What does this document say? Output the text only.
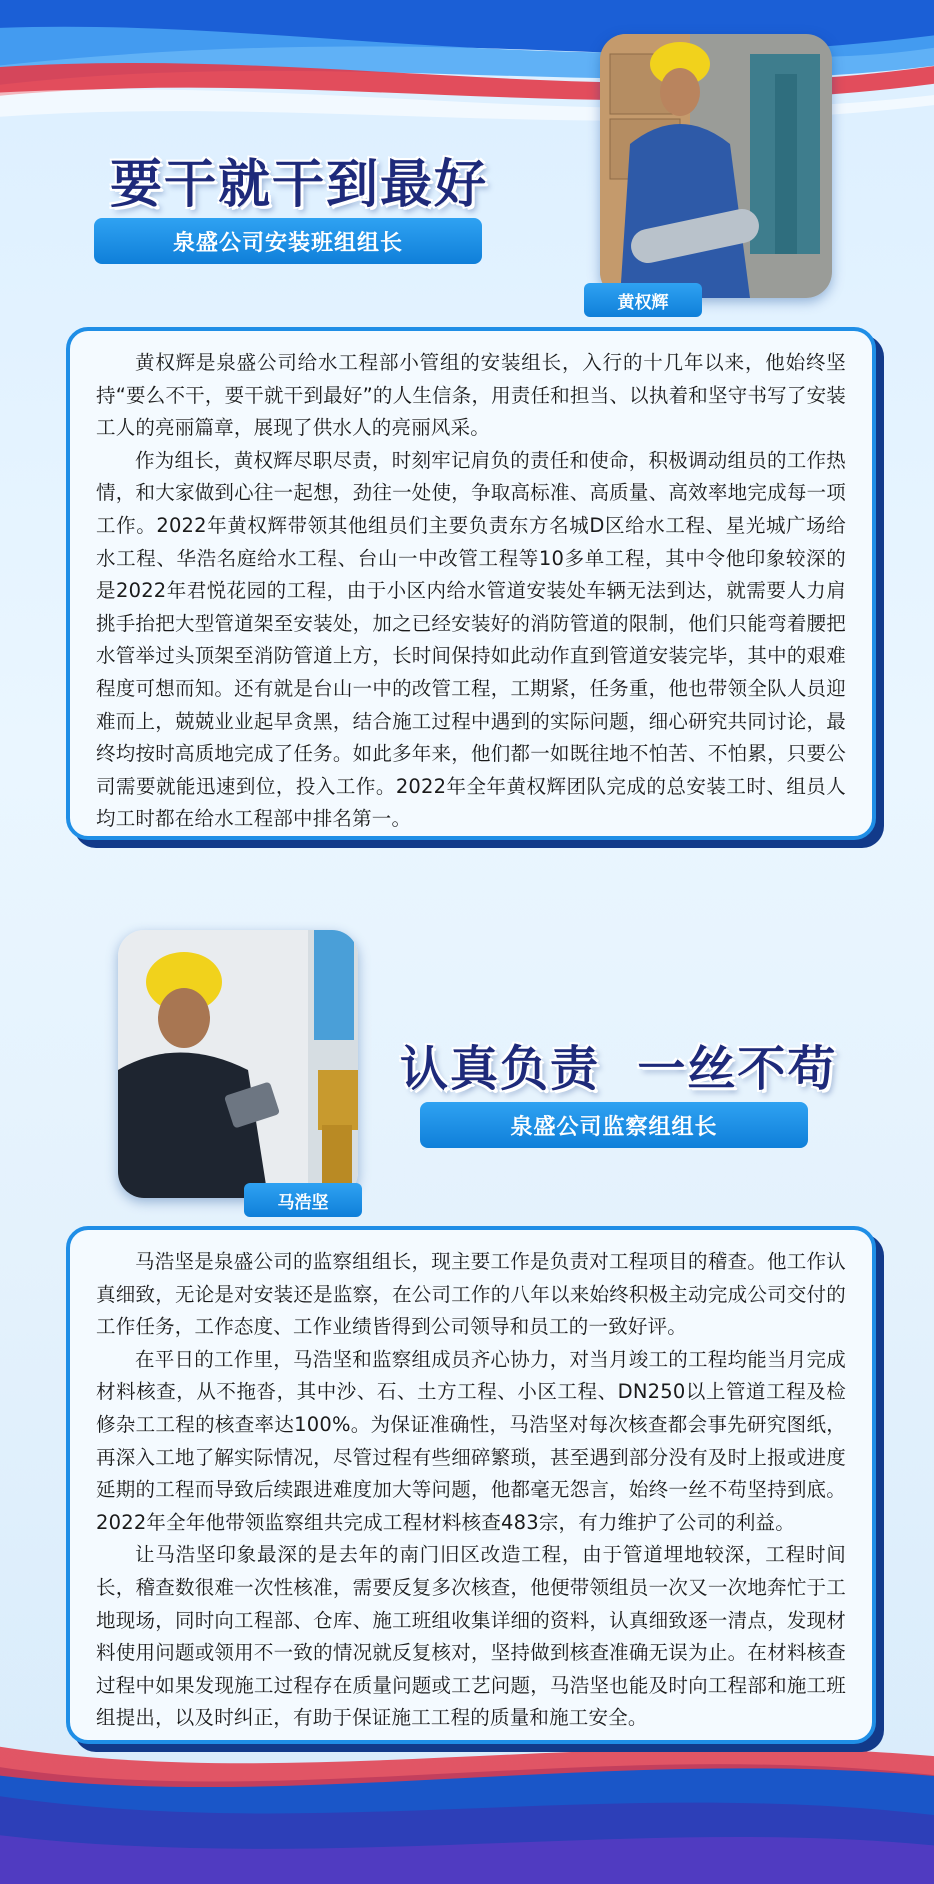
要干就干到最好
泉盛公司安装班组组长
黄权辉

黄权辉是泉盛公司给水工程部小管组的安装组长，入行的十几年以来，他始终坚持“要么不干，要干就干到最好”的人生信条，用责任和担当、以执着和坚守书写了安装工人的亮丽篇章，展现了供水人的亮丽风采。

作为组长，黄权辉尽职尽责，时刻牢记肩负的责任和使命，积极调动组员的工作热情，和大家做到心往一起想，劲往一处使，争取高标准、高质量、高效率地完成每一项工作。2022年黄权辉带领其他组员们主要负责东方名城D区给水工程、星光城广场给水工程、华浩名庭给水工程、台山一中改管工程等10多单工程，其中令他印象较深的是2022年君悦花园的工程，由于小区内给水管道安装处车辆无法到达，就需要人力肩挑手抬把大型管道架至安装处，加之已经安装好的消防管道的限制，他们只能弯着腰把水管举过头顶架至消防管道上方，长时间保持如此动作直到管道安装完毕，其中的艰难程度可想而知。还有就是台山一中的改管工程，工期紧，任务重，他也带领全队人员迎难而上，兢兢业业起早贪黑，结合施工过程中遇到的实际问题，细心研究共同讨论，最终均按时高质地完成了任务。如此多年来，他们都一如既往地不怕苦、不怕累，只要公司需要就能迅速到位，投入工作。2022年全年黄权辉团队完成的总安装工时、组员人均工时都在给水工程部中排名第一。

马浩坚
认真负责  一丝不苟
泉盛公司监察组组长

马浩坚是泉盛公司的监察组组长，现主要工作是负责对工程项目的稽查。他工作认真细致，无论是对安装还是监察，在公司工作的八年以来始终积极主动完成公司交付的工作任务，工作态度、工作业绩皆得到公司领导和员工的一致好评。

在平日的工作里，马浩坚和监察组成员齐心协力，对当月竣工的工程均能当月完成材料核查，从不拖沓，其中沙、石、土方工程、小区工程、DN250以上管道工程及检修杂工工程的核查率达100%。为保证准确性，马浩坚对每次核查都会事先研究图纸，再深入工地了解实际情况，尽管过程有些细碎繁琐，甚至遇到部分没有及时上报或进度延期的工程而导致后续跟进难度加大等问题，他都毫无怨言，始终一丝不苟坚持到底。2022年全年他带领监察组共完成工程材料核查483宗，有力维护了公司的利益。

让马浩坚印象最深的是去年的南门旧区改造工程，由于管道埋地较深，工程时间长，稽查数很难一次性核准，需要反复多次核查，他便带领组员一次又一次地奔忙于工地现场，同时向工程部、仓库、施工班组收集详细的资料，认真细致逐一清点，发现材料使用问题或领用不一致的情况就反复核对，坚持做到核查准确无误为止。在材料核查过程中如果发现施工过程存在质量问题或工艺问题，马浩坚也能及时向工程部和施工班组提出，以及时纠正，有助于保证施工工程的质量和施工安全。
